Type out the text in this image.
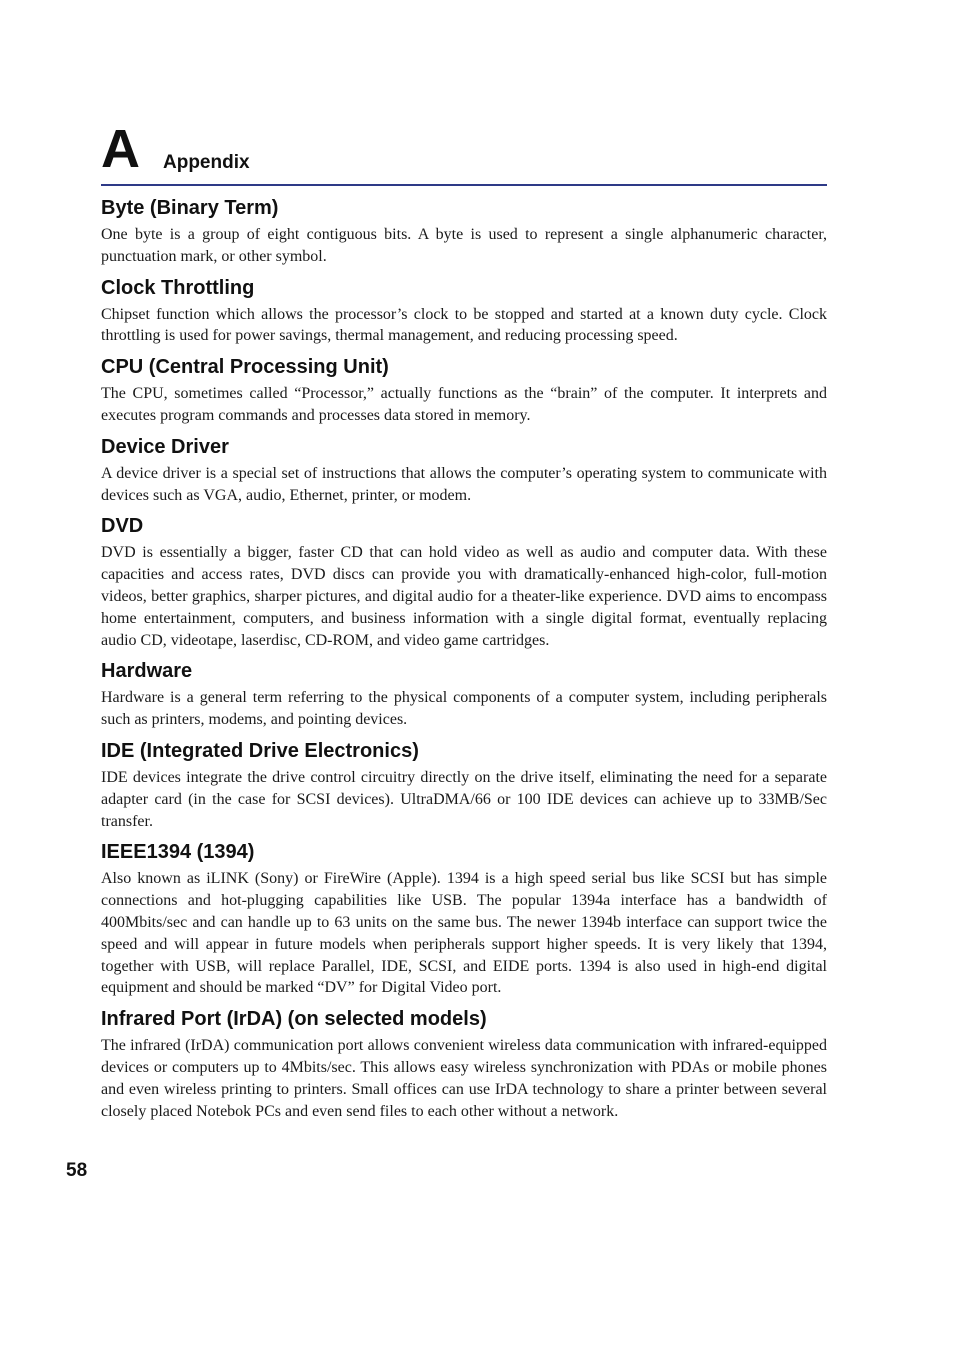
A Appendix
Byte (Binary Term)

One byte is a group of eight contiguous bits. A byte is used to represent a single alphanumeric character, punctuation mark, or other symbol.

Clock Throttling

Chipset function which allows the processor’s clock to be stopped and started at a known duty cycle. Clock throttling is used for power savings, thermal management, and reducing processing speed.

CPU (Central Processing Unit)

The CPU, sometimes called “Processor,” actually functions as the “brain” of the computer. It interprets and executes program commands and processes data stored in memory.

Device Driver

A device driver is a special set of instructions that allows the computer’s operating system to communicate with devices such as VGA, audio, Ethernet, printer, or modem.

DVD

DVD is essentially a bigger, faster CD that can hold video as well as audio and computer data. With these capacities and access rates, DVD discs can provide you with dramatically-enhanced high-color, full-motion videos, better graphics, sharper pictures, and digital audio for a theater-like experience. DVD aims to encompass home entertainment, computers, and business information with a single digital format, eventually replacing audio CD, videotape, laserdisc, CD-ROM, and video game cartridges.

Hardware

Hardware is a general term referring to the physical components of a computer system, including peripherals such as printers, modems, and pointing devices.

IDE (Integrated Drive Electronics)

IDE devices integrate the drive control circuitry directly on the drive itself, eliminating the need for a separate adapter card (in the case for SCSI devices). UltraDMA/66 or 100 IDE devices can achieve up to 33MB/Sec transfer.

IEEE1394 (1394)

Also known as iLINK (Sony) or FireWire (Apple). 1394 is a high speed serial bus like SCSI but has simple connections and hot-plugging capabilities like USB. The popular 1394a interface has a bandwidth of 400Mbits/sec and can handle up to 63 units on the same bus. The newer 1394b interface can support twice the speed and will appear in future models when peripherals support higher speeds. It is very likely that 1394, together with USB, will replace Parallel, IDE, SCSI, and EIDE ports. 1394 is also used in high-end digital equipment and should be marked “DV” for Digital Video port.

Infrared Port (IrDA) (on selected models)

The infrared (IrDA) communication port allows convenient wireless data communication with infrared-equipped devices or computers up to 4Mbits/sec. This allows easy wireless synchronization with PDAs or mobile phones and even wireless printing to printers. Small offices can use IrDA technology to share a printer between several closely placed Notebok PCs and even send files to each other without a network.

58
